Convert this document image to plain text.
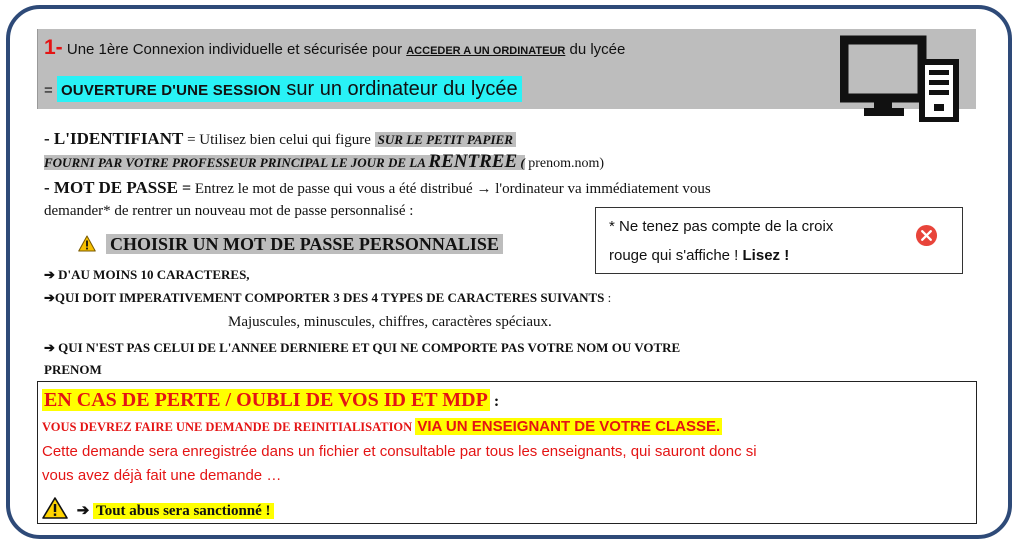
1- Une 1ère Connexion individuelle et sécurisée pour ACCEDER A UN ORDINATEUR du lycée
= OUVERTURE D'UNE SESSION sur un ordinateur du lycée
- L'IDENTIFIANT = Utilisez bien celui qui figure SUR LE PETIT PAPIER
FOURNI PAR VOTRE PROFESSEUR PRINCIPAL LE JOUR DE LA RENTREE ( prenom.nom)
- MOT DE PASSE = Entrez le mot de passe qui vous a été distribué → l'ordinateur va immédiatement vous
demander* de rentrer un nouveau mot de passe personnalisé :
* Ne tenez pas compte de la croix
rouge qui s'affiche ! Lisez !
CHOISIR UN MOT DE PASSE PERSONNALISE
➔ D'AU MOINS 10 CARACTERES,
➔QUI DOIT IMPERATIVEMENT COMPORTER 3 DES 4 TYPES DE CARACTERES SUIVANTS :
Majuscules, minuscules, chiffres, caractères spéciaux.
➔ QUI N'EST PAS CELUI DE L'ANNEE DERNIERE ET QUI NE COMPORTE PAS VOTRE NOM OU VOTRE
PRENOM
EN CAS DE PERTE / OUBLI DE VOS ID ET MDP :
VOUS DEVREZ FAIRE UNE DEMANDE DE REINITIALISATION VIA UN ENSEIGNANT DE VOTRE CLASSE.
Cette demande sera enregistrée dans un fichier et consultable par tous les enseignants, qui sauront donc si
vous avez déjà fait une demande …
➔ Tout abus sera sanctionné !
